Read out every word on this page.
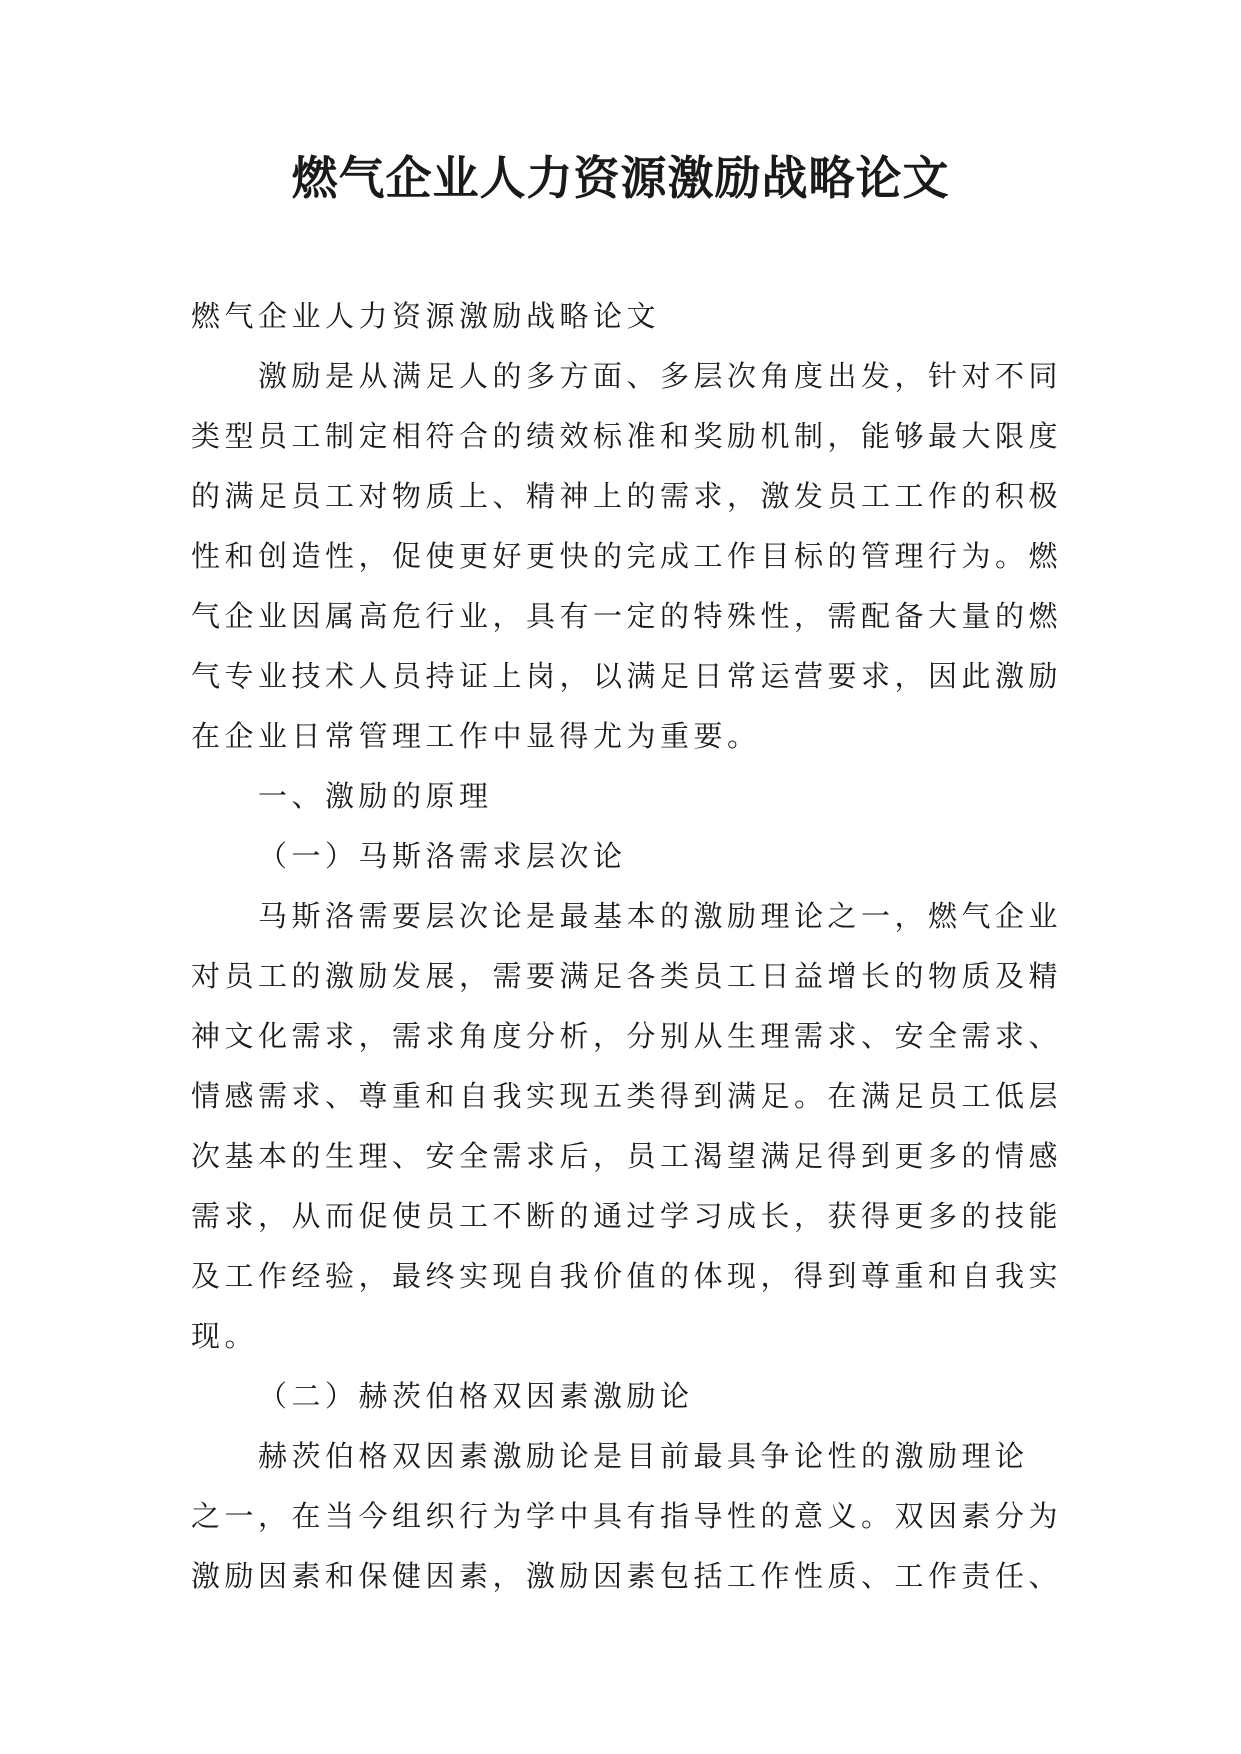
燃气企业人力资源激励战略论文

燃气企业人力资源激励战略论文

激励是从满足人的多方面、多层次角度出发，针对不同
类型员工制定相符合的绩效标准和奖励机制，能够最大限度
的满足员工对物质上、精神上的需求，激发员工工作的积极
性和创造性，促使更好更快的完成工作目标的管理行为。燃
气企业因属高危行业，具有一定的特殊性，需配备大量的燃
气专业技术人员持证上岗，以满足日常运营要求，因此激励
在企业日常管理工作中显得尤为重要。

一、激励的原理

（一）马斯洛需求层次论

马斯洛需要层次论是最基本的激励理论之一，燃气企业
对员工的激励发展，需要满足各类员工日益增长的物质及精
神文化需求，需求角度分析，分别从生理需求、安全需求、
情感需求、尊重和自我实现五类得到满足。在满足员工低层
次基本的生理、安全需求后，员工渴望满足得到更多的情感
需求，从而促使员工不断的通过学习成长，获得更多的技能
及工作经验，最终实现自我价值的体现，得到尊重和自我实
现。

（二）赫茨伯格双因素激励论

赫茨伯格双因素激励论是目前最具争论性的激励理论
之一，在当今组织行为学中具有指导性的意义。双因素分为
激励因素和保健因素，激励因素包括工作性质、工作责任、
